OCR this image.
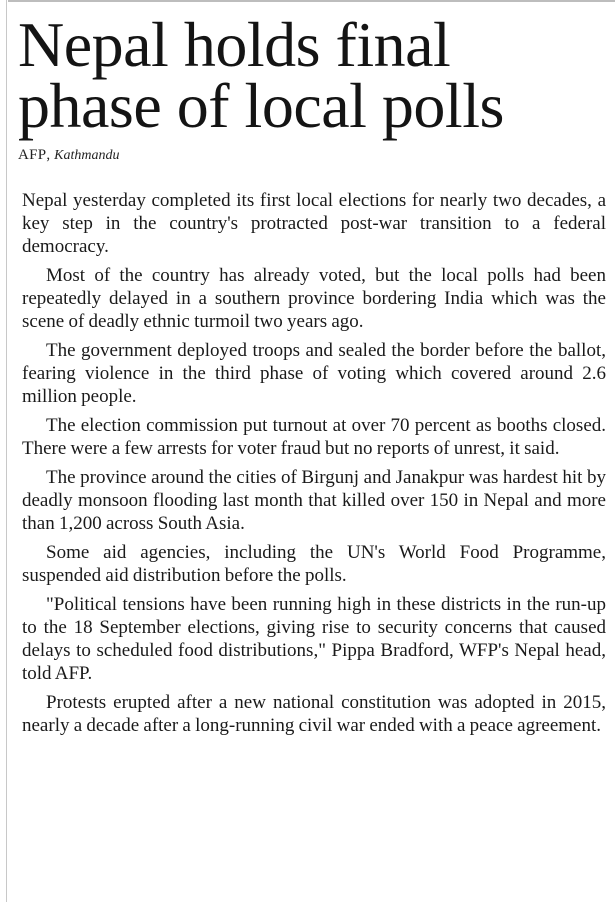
Nepal holds final
phase of local polls
AFP, Kathmandu

Nepal yesterday completed its first local elections for nearly two decades, a key step in the country's protracted post-war transition to a federal democracy.

Most of the country has already voted, but the local polls had been repeatedly delayed in a southern province bordering India which was the scene of deadly ethnic turmoil two years ago.

The government deployed troops and sealed the border before the ballot, fearing violence in the third phase of voting which covered around 2.6 million people.

The election commission put turnout at over 70 percent as booths closed. There were a few arrests for voter fraud but no reports of unrest, it said.

The province around the cities of Birgunj and Janakpur was hardest hit by deadly monsoon flooding last month that killed over 150 in Nepal and more than 1,200 across South Asia.

Some aid agencies, including the UN's World Food Programme, suspended aid distribution before the polls.

"Political tensions have been running high in these districts in the run-up to the 18 September elections, giving rise to security concerns that caused delays to scheduled food distributions," Pippa Bradford, WFP's Nepal head, told AFP.

Protests erupted after a new national constitution was adopted in 2015, nearly a decade after a long-running civil war ended with a peace agreement.
